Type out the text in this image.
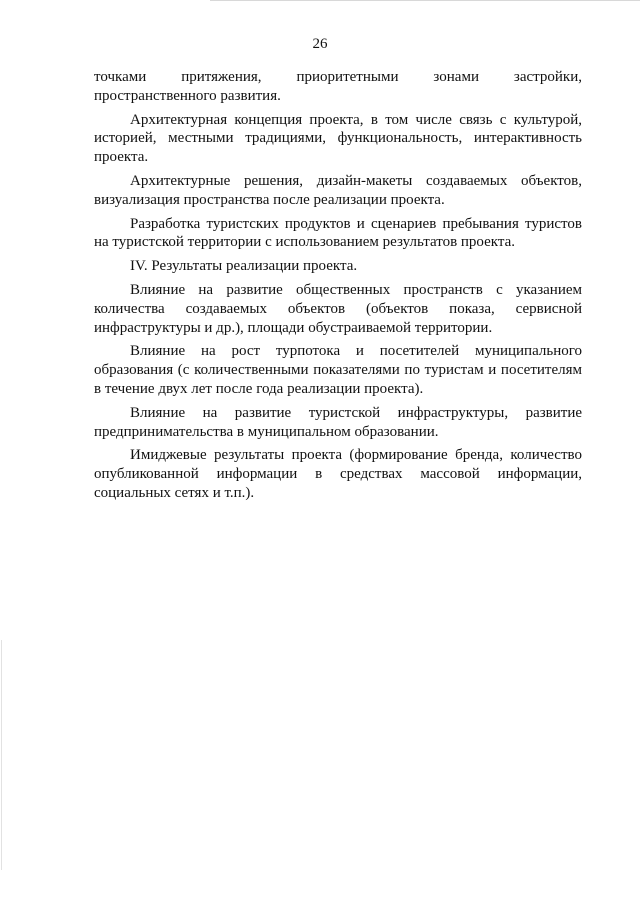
26

точками притяжения, приоритетными зонами застройки, пространственного развития.

Архитектурная концепция проекта, в том числе связь с культурой, историей, местными традициями, функциональность, интерактивность проекта.

Архитектурные решения, дизайн-макеты создаваемых объектов, визуализация пространства после реализации проекта.

Разработка туристских продуктов и сценариев пребывания туристов на туристской территории с использованием результатов проекта.

IV. Результаты реализации проекта.

Влияние на развитие общественных пространств с указанием количества создаваемых объектов (объектов показа, сервисной инфраструктуры и др.), площади обустраиваемой территории.

Влияние на рост турпотока и посетителей муниципального образования (с количественными показателями по туристам и посетителям в течение двух лет после года реализации проекта).

Влияние на развитие туристской инфраструктуры, развитие предпринимательства в муниципальном образовании.

Имиджевые результаты проекта (формирование бренда, количество опубликованной информации в средствах массовой информации, социальных сетях и т.п.).
